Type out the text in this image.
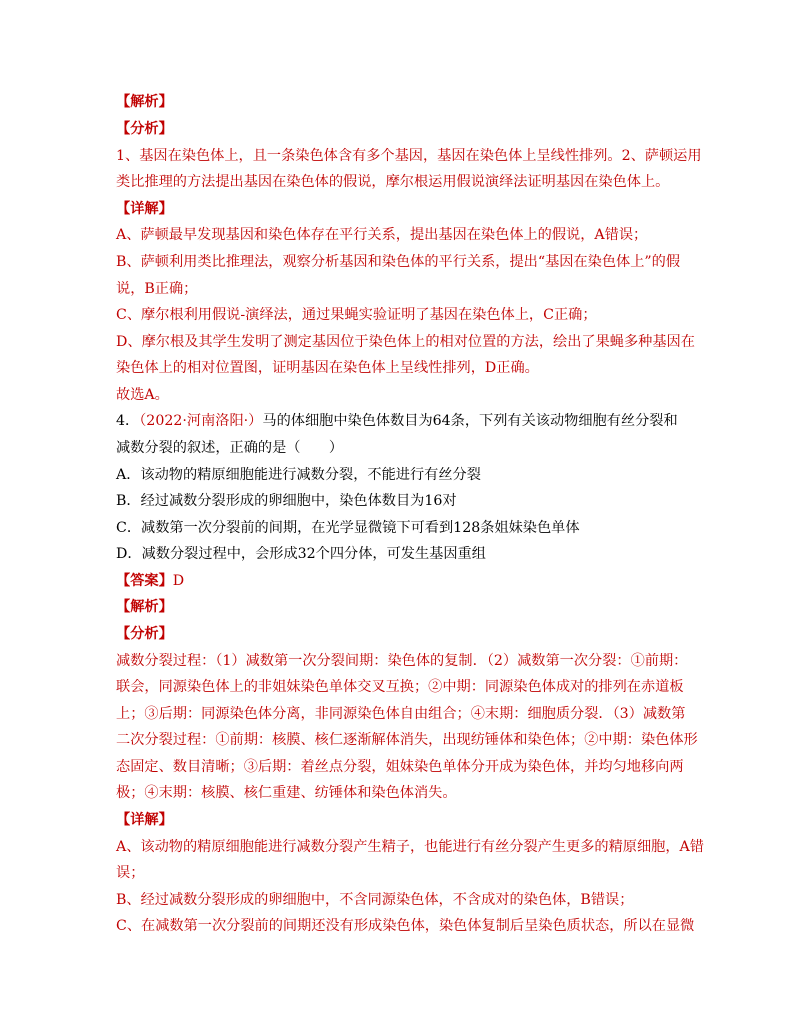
【解析】
【分析】
1、基因在染色体上，且一条染色体含有多个基因，基因在染色体上呈线性排列。2、萨顿运用
类比推理的方法提出基因在染色体的假说，摩尔根运用假说演绎法证明基因在染色体上。
【详解】
A、萨顿最早发现基因和染色体存在平行关系，提出基因在染色体上的假说，A错误；
B、萨顿利用类比推理法，观察分析基因和染色体的平行关系，提出“基因在染色体上”的假
说，B正确；
C、摩尔根利用假说-演绎法，通过果蝇实验证明了基因在染色体上，C正确；
D、摩尔根及其学生发明了测定基因位于染色体上的相对位置的方法，绘出了果蝇多种基因在
染色体上的相对位置图，证明基因在染色体上呈线性排列，D正确。
故选A。
4．（2022·河南洛阳·）马的体细胞中染色体数目为64条，下列有关该动物细胞有丝分裂和
减数分裂的叙述，正确的是（　　）
A．该动物的精原细胞能进行减数分裂，不能进行有丝分裂
B．经过减数分裂形成的卵细胞中，染色体数目为16对
C．减数第一次分裂前的间期，在光学显微镜下可看到128条姐妹染色单体
D．减数分裂过程中，会形成32个四分体，可发生基因重组
【答案】D
【解析】
【分析】
减数分裂过程：（1）减数第一次分裂间期：染色体的复制．（2）减数第一次分裂：①前期：
联会，同源染色体上的非姐妹染色单体交叉互换；②中期：同源染色体成对的排列在赤道板
上；③后期：同源染色体分离，非同源染色体自由组合；④末期：细胞质分裂．（3）减数第
二次分裂过程：①前期：核膜、核仁逐渐解体消失，出现纺锤体和染色体；②中期：染色体形
态固定、数目清晰；③后期：着丝点分裂，姐妹染色单体分开成为染色体，并均匀地移向两
极；④末期：核膜、核仁重建、纺锤体和染色体消失。
【详解】
A、该动物的精原细胞能进行减数分裂产生精子，也能进行有丝分裂产生更多的精原细胞，A错
误；
B、经过减数分裂形成的卵细胞中，不含同源染色体，不含成对的染色体，B错误；
C、在减数第一次分裂前的间期还没有形成染色体，染色体复制后呈染色质状态，所以在显微
